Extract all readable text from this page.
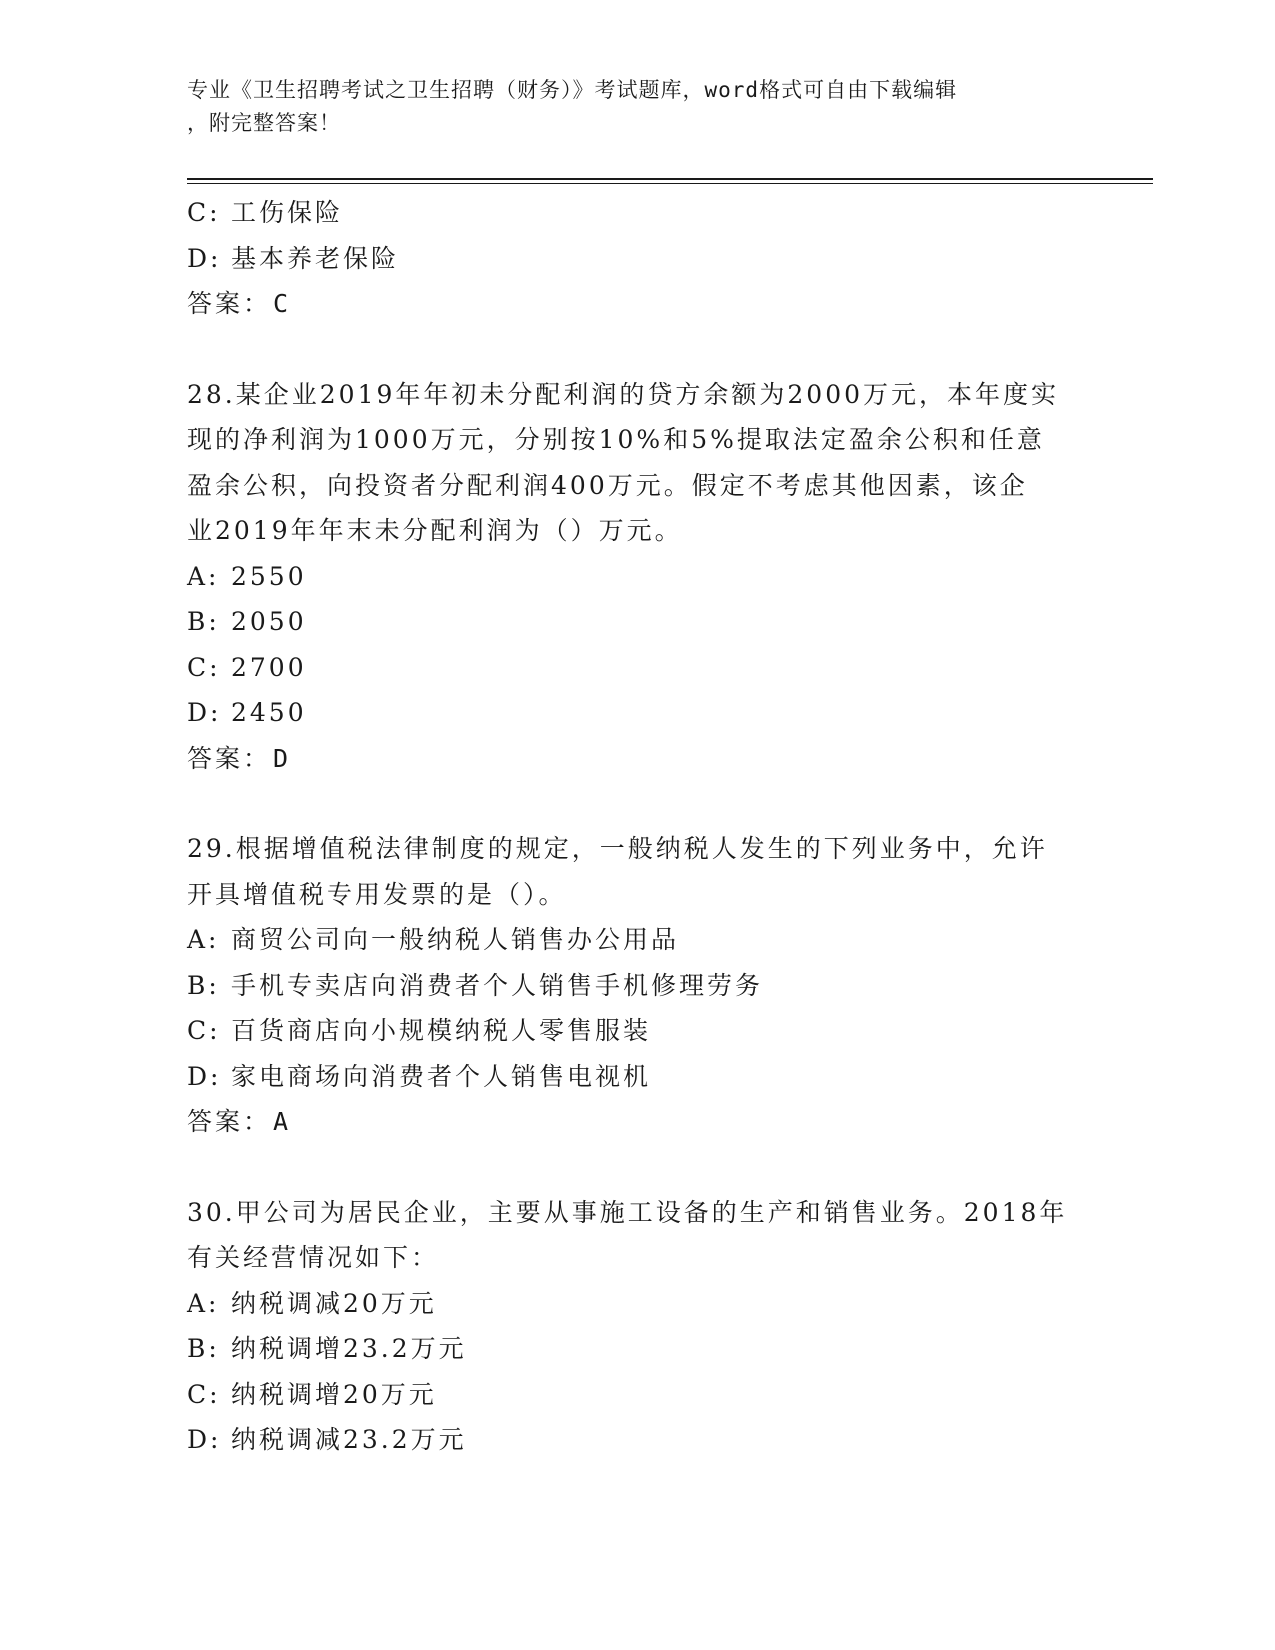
专业《卫生招聘考试之卫生招聘（财务）》考试题库，word格式可自由下载编辑
，附完整答案！
C: 工伤保险
D: 基本养老保险
答案：C
28.某企业2019年年初未分配利润的贷方余额为2000万元，本年度实
现的净利润为1000万元，分别按10%和5%提取法定盈余公积和任意
盈余公积，向投资者分配利润400万元。假定不考虑其他因素，该企
业2019年年末未分配利润为（）万元。
A: 2550
B: 2050
C: 2700
D: 2450
答案：D
29.根据增值税法律制度的规定，一般纳税人发生的下列业务中，允许
开具增值税专用发票的是（）。
A: 商贸公司向一般纳税人销售办公用品
B: 手机专卖店向消费者个人销售手机修理劳务
C: 百货商店向小规模纳税人零售服装
D: 家电商场向消费者个人销售电视机
答案：A
30.甲公司为居民企业，主要从事施工设备的生产和销售业务。2018年
有关经营情况如下：
A: 纳税调减20万元
B: 纳税调增23.2万元
C: 纳税调增20万元
D: 纳税调减23.2万元
